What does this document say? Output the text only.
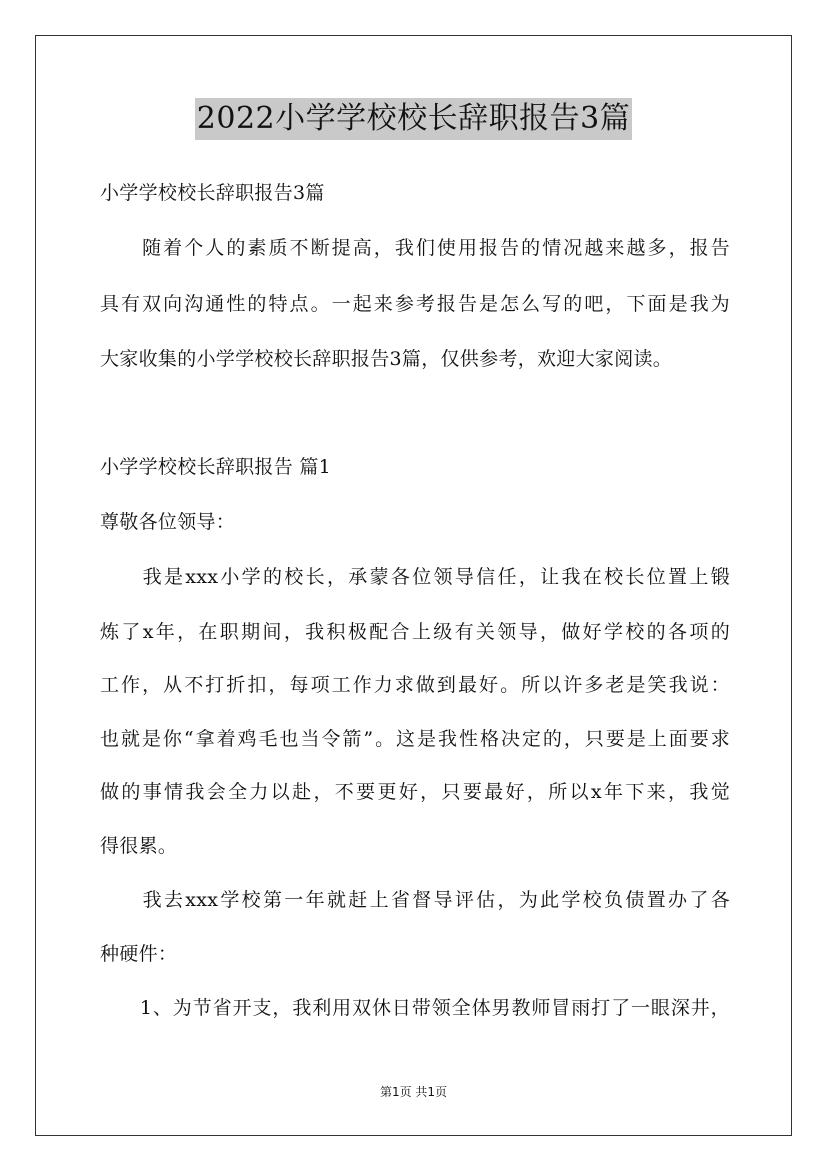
2022小学学校校长辞职报告3篇
小学学校校长辞职报告3篇
　　随着个人的素质不断提高，我们使用报告的情况越来越多，报告
具有双向沟通性的特点。一起来参考报告是怎么写的吧，下面是我为
大家收集的小学学校校长辞职报告3篇，仅供参考，欢迎大家阅读。
小学学校校长辞职报告 篇1
尊敬各位领导：
　　我是xxx小学的校长，承蒙各位领导信任，让我在校长位置上锻
炼了x年，在职期间，我积极配合上级有关领导，做好学校的各项的
工作，从不打折扣，每项工作力求做到最好。所以许多老是笑我说：
也就是你“拿着鸡毛也当令箭”。这是我性格决定的，只要是上面要求
做的事情我会全力以赴，不要更好，只要最好，所以x年下来，我觉
得很累。
　　我去xxx学校第一年就赶上省督导评估，为此学校负债置办了各
种硬件：
　　1、为节省开支，我利用双休日带领全体男教师冒雨打了一眼深井，
第1页 共1页
